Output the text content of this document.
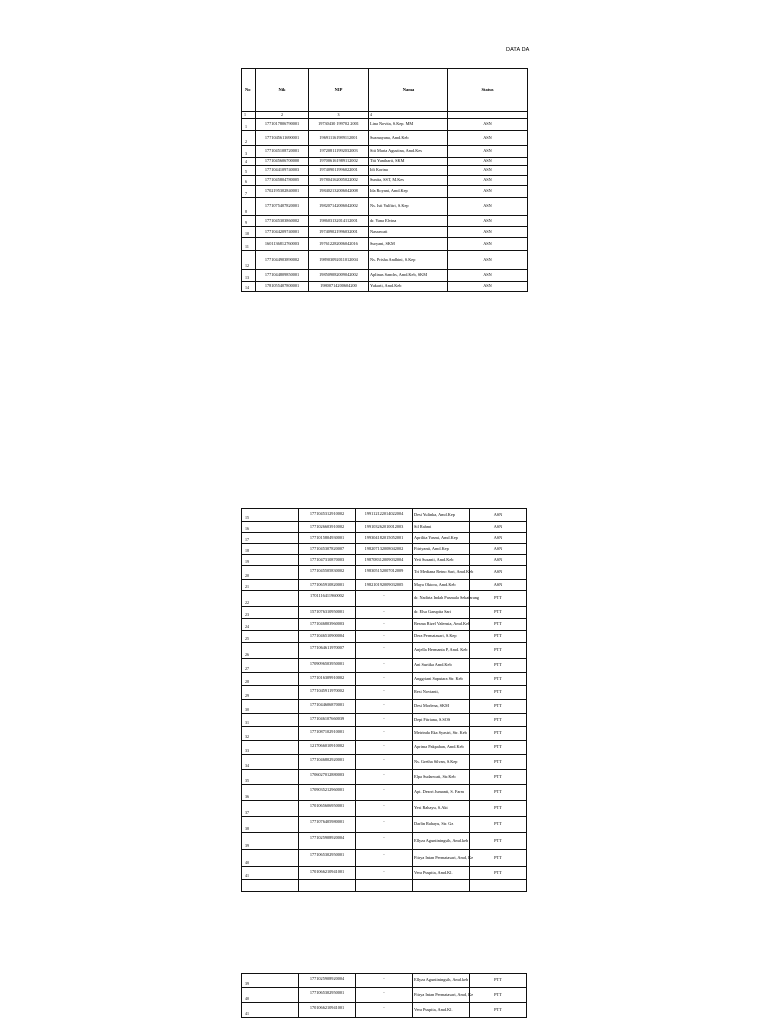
DATA DA
No	Nik	NIP	Nama	Status
1	2	3	4	

1	1771017806790001	19730430 199702 2001	Lina Novita, S.Kep. MM	ASN

2	1771045611690001	196911161989112001	Suzmayana, Amd.Keb	ASN

3	1771045108720001	197208111992032003	Siti Maria Agustina, Amd.Kes	ASN

4	1771045606700000	197006161989112002	Titi Yuniharti, SKM	ASN

5	1771044109740003	197409011996022001	Idi Korina	ASN

6	1771045804780005	197804162005022002	Sunita, SST, M.Kes	ASN

7	1702195302840001	198402132006042008	Ida Royani, Amd.Kep	ASN

8	1771075407820001	198207142006042002	Ns. Isti Yulfitri, S.Kep	ASN

9	1771045303860002	198603132014112001	dr. Yana Elvina	ASN

10	1771044209740001	197409021996032001	Nasrawati	ASN

11	1601136812760003	197612282006042016	Suryani, SKM	ASN

12	1771044903890002	198903092011012004	Ns. Prisha Andhini, S.Kep	ASN

13	1771044809850001	198509082009042002	Aplinus Sanchs, Amd.Keb, SKM	ASN

14	1781055407800001	19800714200604200	Yukarti, Amd.Keb	ASN
15	1771045312910002	199112122014022004	Desi Yulinka, Amd.Kep	ASN

16	1771026603910002	199103262010012003	Sil Rahmi	ASN

17	1771015804930001	199304182015052001	Aprilita Yasmi, Amd.Kep	ASN

18	1771045307820007	198207132008042002	Fitriyanti, Amd.Kep	ASN

19	1771047310870003	198708312009032004	Yeti Susanti, Amd.Keb	ASN

20	1771045505830002	198305152007012009	Tri Mediana Retno Sari, Amd.Keb	ASN

21	1771065910820001	198210192009032005	Maya Oktora, Amd.Keb	ASN

22	1701116411960002	-	dr. Nadirta Indah Pusmala Sekatarang	PTT

23	1571076310950001	-	dr. Elsa Garupita Sari	PTT

24	1771046803960003	-	Besma Rizel Valensia, Amd.Keb	PTT

25	1771046510900004	-	Dera Permatasari, S.Kep	PTT

26	1771064611970007	-	Anjella Hermanta P, Amd. Keb	PTT

27	1709096503950001	-	Ani Surtika Amd.Keb	PTT

28	1771016309910002	-	Anggriani Saputara Str. Keb	PTT

29	1771045911970002	-	Resi Novianti,	PTT

30	1771044606870001	-	Desi Morlena, SKM	PTT

31	1771046107660039	-	Dept Fitriana, S.SOS	PTT

32	1771087102910001	-	Meirinda Eka Syastri, Str. Keb	PTT

33	1217066010910002	-	Aprima Pakpahan, Amd.Keb	PTT

34	1771046802920001	-	Ns. Gretha Silvan, S.Kep	PTT

35	1706027012880003	-	Elpa Sudarwati, Str.Keb	PTT

36	1709035212960001	-	Apt. Dezrri Jumanti, S. Farm	PTT

37	1701065606950001	-	Yesi Rahayu, S.Akt	PTT

38	1771076405980001	-	Darlin Rahayu, Str. Gz	PTT

39	1771025908920004	-	Ellyza Aguntiningsih, Amd.keb	PTT

40	1771065302950001	-	Fitrya Intan Permatasari, Amd, Ke	PTT

41	1701066210941001	-	Vera Puspita, Amd.Kl.	PTT

39	1771025908920004	-	Ellyza Aguntiningsih, Amd.keb	PTT

40	1771065302950001	-	Fitrya Intan Permatasari, Amd, Ke	PTT

41	1701066210941001	-	Vera Puspita, Amd.Kl.	PTT
